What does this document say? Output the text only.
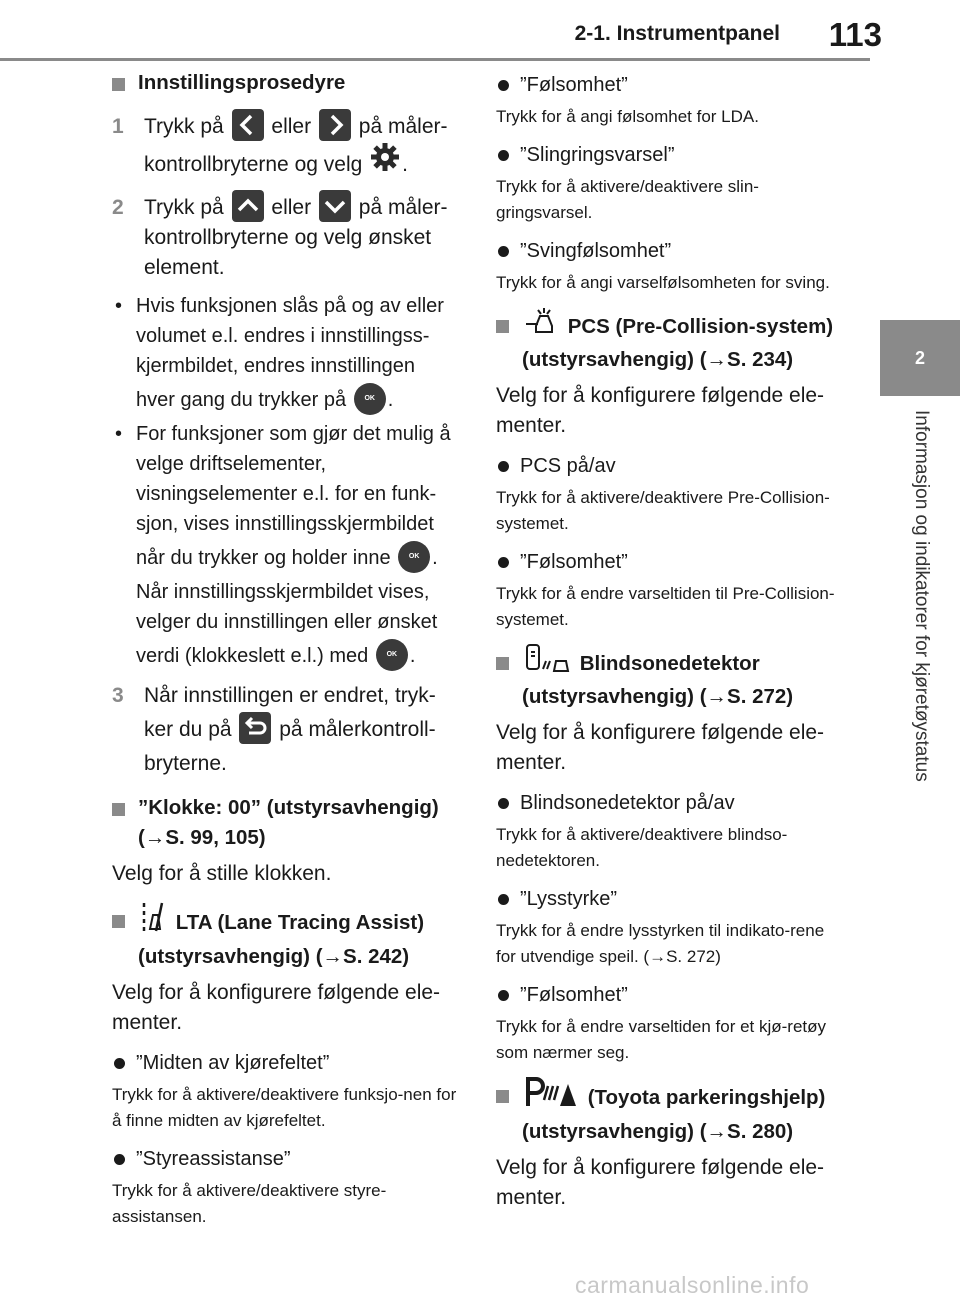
2-1. Instrumentpanel 113
2
Informasjon og indikatorer for kjøretøystatus
Innstillingsprosedyre
1 Trykk på eller på måler-
kontrollbryterne og velg .
2 Trykk på eller på måler- kontrollbryterne og velg ønsket element.
• Hvis funksjonen slås på og av eller volumet e.l. endres i innstillingss-kjermbildet, endres innstillingen
hver gang du trykker på	OK .
• For funksjoner som gjør det mulig å velge driftselementer, visningselementer e.l. for en funk-sjon, vises innstillingsskjermbildet
når du trykker og holder inne	OK .
Når innstillingsskjermbildet vises, velger du innstillingen eller ønsket
verdi (klokkeslett e.l.) med	OK .
3 Når innstillingen er endret, tryk-
ker du på på målerkontroll-
bryterne.
”Klokke: 00” (utstyrsavhengig)
(→S. 99, 105)
Velg for å stille klokken.
LTA (Lane Tracing Assist)
(utstyrsavhengig) (→S. 242)
Velg for å konfigurere følgende ele-menter.
”Midten av kjørefeltet”
Trykk for å aktivere/deaktivere funksjo-nen for å finne midten av kjørefeltet.
”Styreassistanse”
Trykk for å aktivere/deaktivere styre-assistansen.
”Følsomhet”
Trykk for å angi følsomhet for LDA.
”Slingringsvarsel”
Trykk for å aktivere/deaktivere slin-gringsvarsel.
”Svingfølsomhet”
Trykk for å angi varselfølsomheten for sving.
PCS (Pre-Collision-system)
(utstyrsavhengig) (→S. 234)
Velg for å konfigurere følgende ele-menter.
PCS på/av
Trykk for å aktivere/deaktivere Pre-Collision-systemet.
”Følsomhet”
Trykk for å endre varseltiden til Pre-Collision-systemet.
Blindsonedetektor
(utstyrsavhengig) (→S. 272)
Velg for å konfigurere følgende ele-menter.
Blindsonedetektor på/av
Trykk for å aktivere/deaktivere blindso-nedetektoren.
”Lysstyrke”
Trykk for å endre lysstyrken til indikato-rene for utvendige speil. (→S. 272)
”Følsomhet”
Trykk for å endre varseltiden for et kjø-retøy som nærmer seg.
(Toyota parkeringshjelp)
(utstyrsavhengig) (→S. 280)
Velg for å konfigurere følgende ele-menter.
carmanualsonline.info
